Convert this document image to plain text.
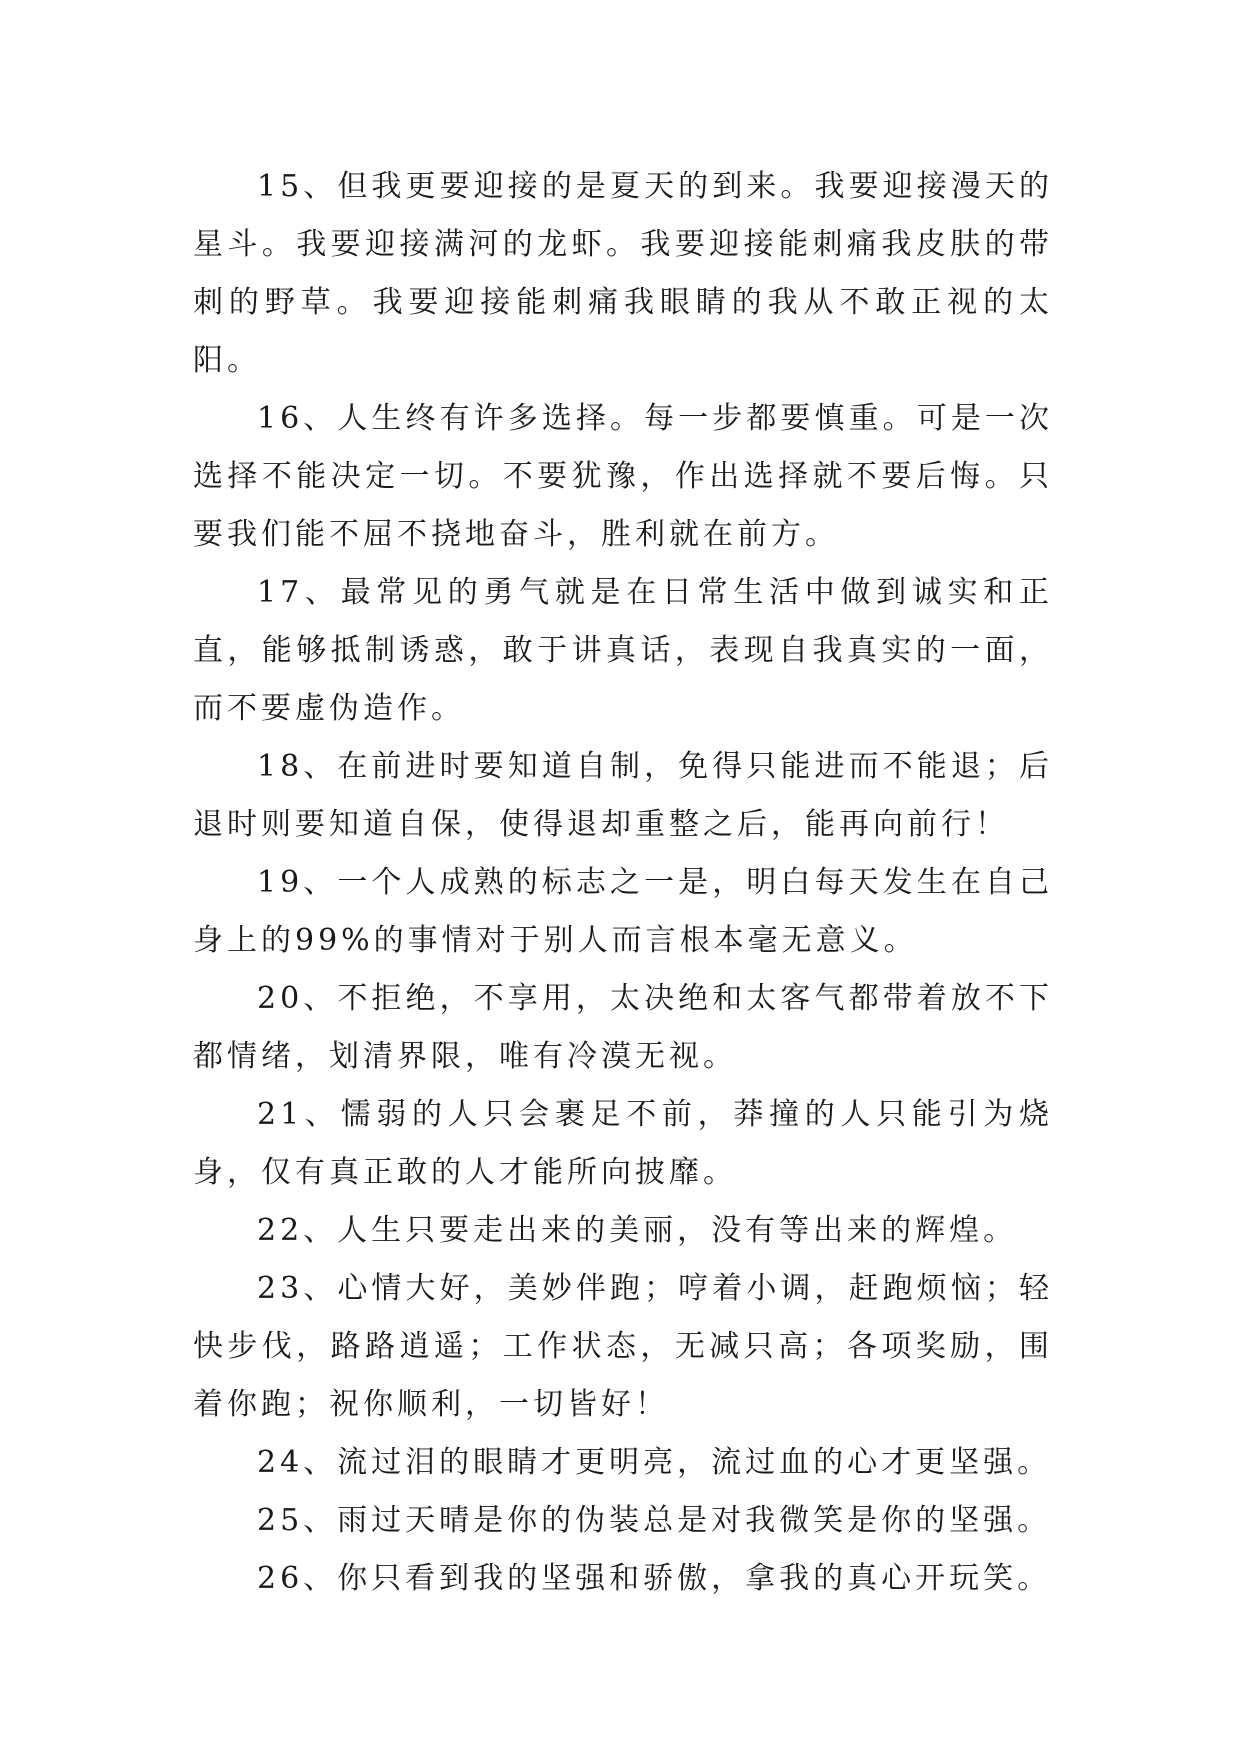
15、但我更要迎接的是夏天的到来。我要迎接漫天的星斗。我要迎接满河的龙虾。我要迎接能刺痛我皮肤的带刺的野草。我要迎接能刺痛我眼睛的我从不敢正视的太阳。

16、人生终有许多选择。每一步都要慎重。可是一次选择不能决定一切。不要犹豫，作出选择就不要后悔。只要我们能不屈不挠地奋斗，胜利就在前方。

17、最常见的勇气就是在日常生活中做到诚实和正直，能够抵制诱惑，敢于讲真话，表现自我真实的一面，而不要虚伪造作。

18、在前进时要知道自制，免得只能进而不能退；后退时则要知道自保，使得退却重整之后，能再向前行！

19、一个人成熟的标志之一是，明白每天发生在自己身上的99%的事情对于别人而言根本毫无意义。

20、不拒绝，不享用，太决绝和太客气都带着放不下都情绪，划清界限，唯有冷漠无视。

21、懦弱的人只会裹足不前，莽撞的人只能引为烧身，仅有真正敢的人才能所向披靡。

22、人生只要走出来的美丽，没有等出来的辉煌。

23、心情大好，美妙伴跑；哼着小调，赶跑烦恼；轻快步伐，路路逍遥；工作状态，无减只高；各项奖励，围着你跑；祝你顺利，一切皆好！

24、流过泪的眼睛才更明亮，流过血的心才更坚强。

25、雨过天晴是你的伪装总是对我微笑是你的坚强。

26、你只看到我的坚强和骄傲，拿我的真心开玩笑。
